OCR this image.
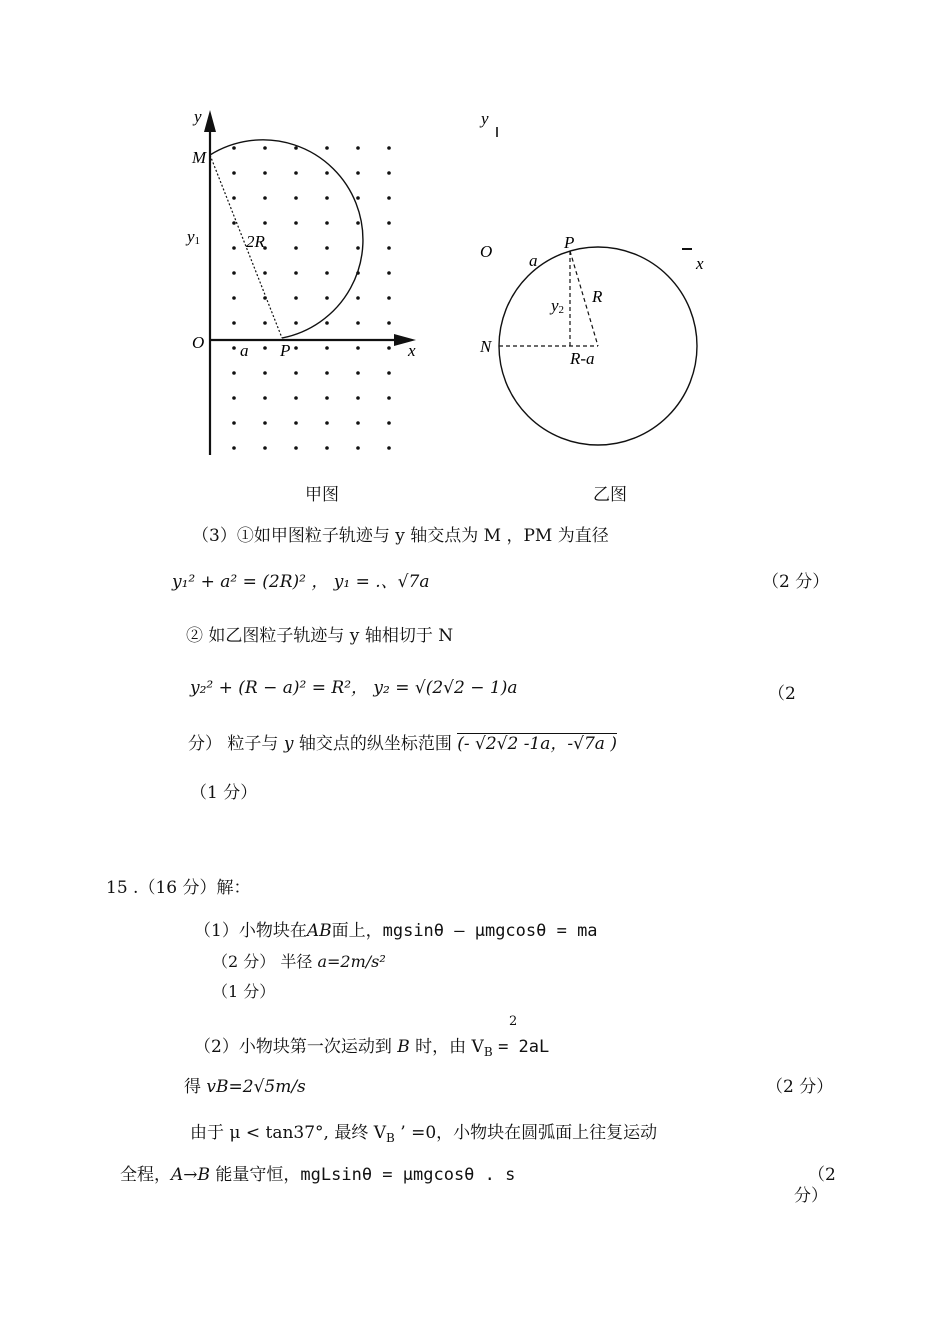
y
M
y1	2R
O a P	x
y
O
x
P
a
R
y2
N
R-a
甲图	乙图
（3）①如甲图粒子轨迹与 y 轴交点为 M ，PM 为直径
y₁² + a² = (2R)² ， y₁ = .、√7a	（2 分）
② 如乙图粒子轨迹与 y 轴相切于 N
y₂² + (R − a)² = R²， y₂ = √(2√2 − 1)a	（2
分） 粒子与 y 轴交点的纵坐标范围 (- √2√2 -1a，-√7a )
（1 分）
15 .（16 分）解：
（1）小物块在AB面上，mgsinθ — μmgcosθ = ma
（2 分） 半径 a=2m/s²
（1 分）
（2）小物块第一次运动到 B 时，由 $V_B = 2aL$
2
得 vB=2√5m/s	（2 分）
由于 μ < tan37°, 最终 $V_B$ ’ =0，小物块在圆弧面上往复运动
全程，A→B 能量守恒，mgLsinθ = μmgcosθ . s	（2
分）
